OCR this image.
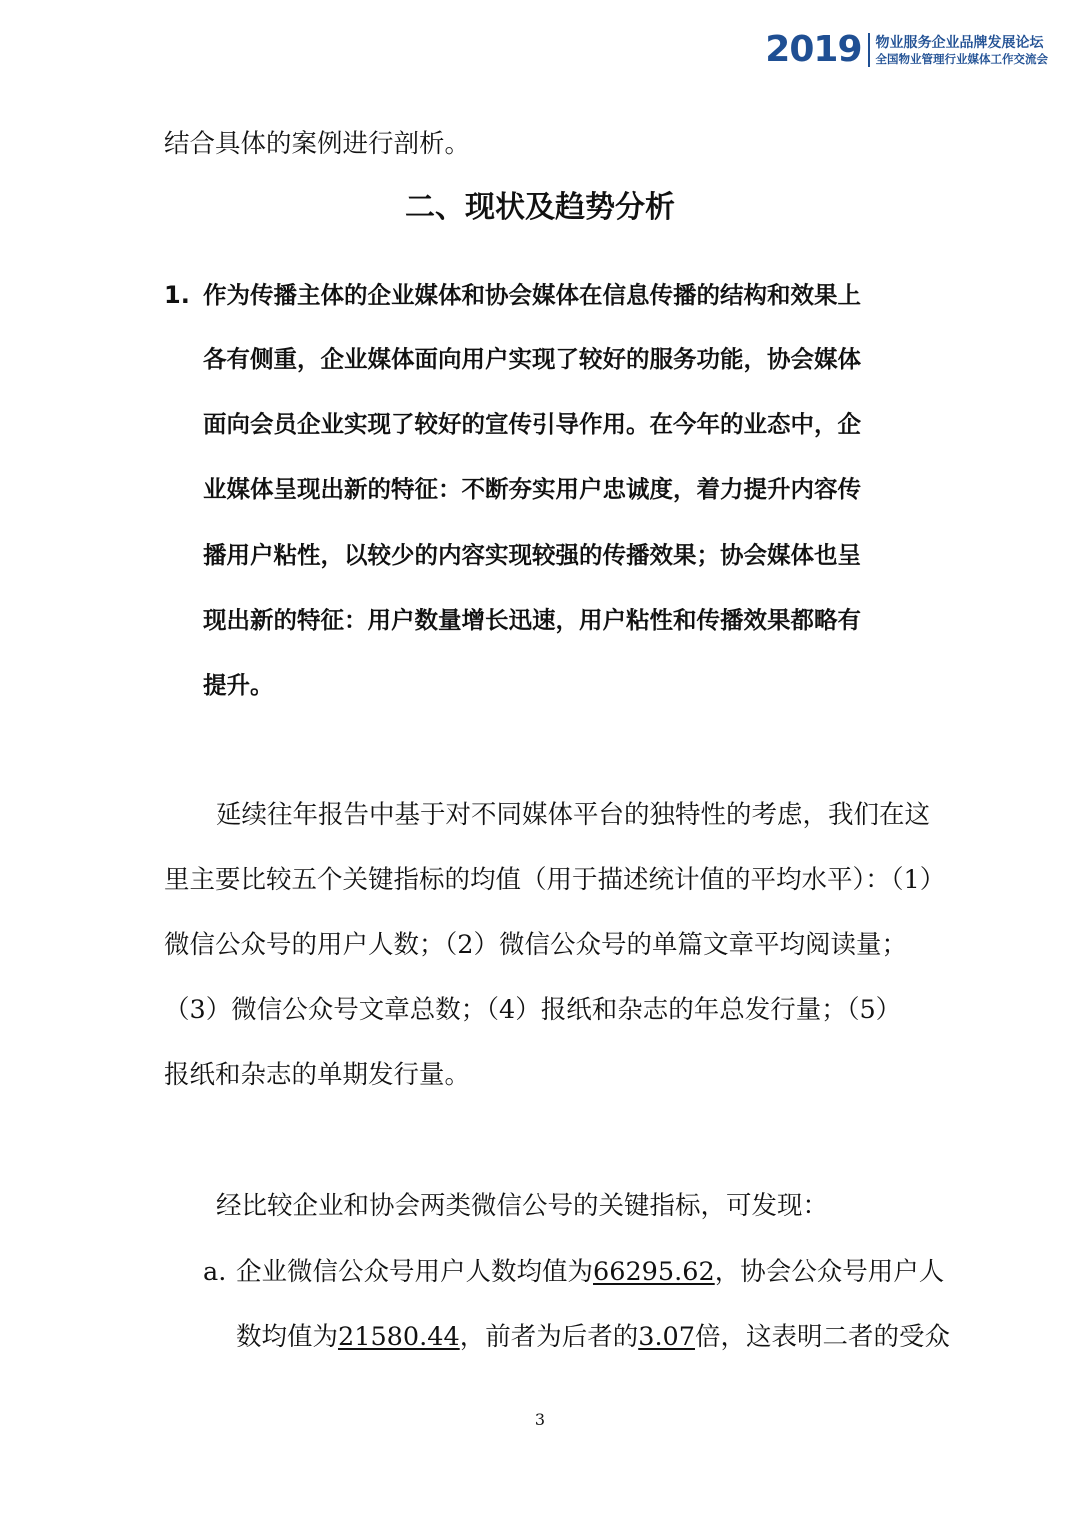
2019 物业服务企业品牌发展论坛
全国物业管理行业媒体工作交流会
结合具体的案例进行剖析。
二、现状及趋势分析
1. 作为传播主体的企业媒体和协会媒体在信息传播的结构和效果上
各有侧重，企业媒体面向用户实现了较好的服务功能，协会媒体
面向会员企业实现了较好的宣传引导作用。在今年的业态中，企
业媒体呈现出新的特征：不断夯实用户忠诚度，着力提升内容传
播用户粘性，以较少的内容实现较强的传播效果；协会媒体也呈
现出新的特征：用户数量增长迅速，用户粘性和传播效果都略有
提升。
延续往年报告中基于对不同媒体平台的独特性的考虑，我们在这
里主要比较五个关键指标的均值（用于描述统计值的平均水平）：（1）
微信公众号的用户人数；（2）微信公众号的单篇文章平均阅读量；
（3）微信公众号文章总数；（4）报纸和杂志的年总发行量；（5）
报纸和杂志的单期发行量。
经比较企业和协会两类微信公号的关键指标，可发现：
a. 企业微信公众号用户人数均值为66295.62，协会公众号用户人
数均值为21580.44，前者为后者的3.07倍，这表明二者的受众
3
